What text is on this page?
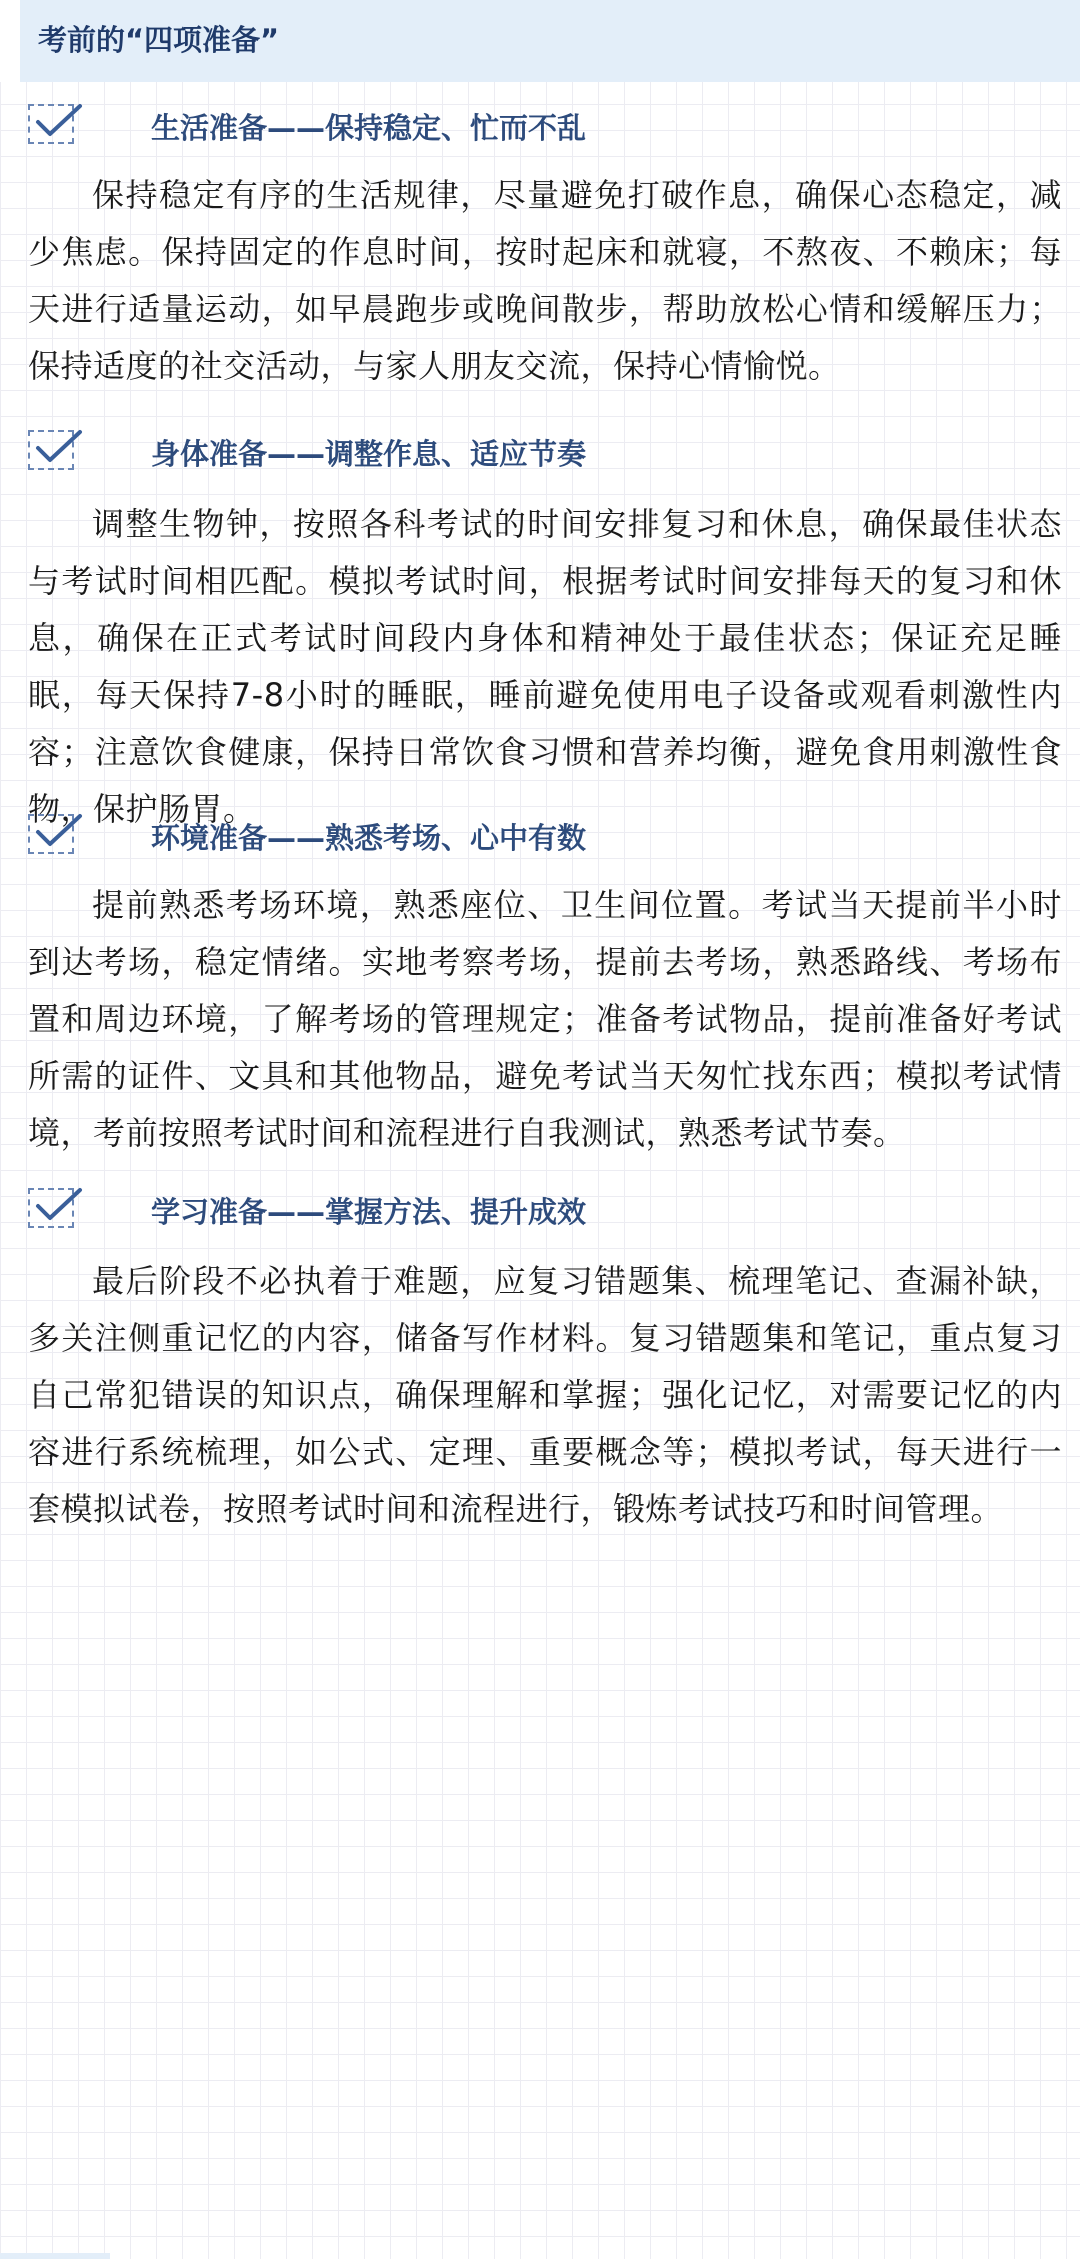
考前的“四项准备”
生活准备——保持稳定、忙而不乱

保持稳定有序的生活规律，尽量避免打破作息，确保心态稳定，减少焦虑。保持固定的作息时间，按时起床和就寝，不熬夜、不赖床；每天进行适量运动，如早晨跑步或晚间散步，帮助放松心情和缓解压力；保持适度的社交活动，与家人朋友交流，保持心情愉悦。

身体准备——调整作息、适应节奏

调整生物钟，按照各科考试的时间安排复习和休息，确保最佳状态与考试时间相匹配。模拟考试时间，根据考试时间安排每天的复习和休息，确保在正式考试时间段内身体和精神处于最佳状态；保证充足睡眠，每天保持7-8小时的睡眠，睡前避免使用电子设备或观看刺激性内容；注意饮食健康，保持日常饮食习惯和营养均衡，避免食用刺激性食物，保护肠胃。

环境准备——熟悉考场、心中有数

提前熟悉考场环境，熟悉座位、卫生间位置。考试当天提前半小时到达考场，稳定情绪。实地考察考场，提前去考场，熟悉路线、考场布置和周边环境，了解考场的管理规定；准备考试物品，提前准备好考试所需的证件、文具和其他物品，避免考试当天匆忙找东西；模拟考试情境，考前按照考试时间和流程进行自我测试，熟悉考试节奏。

学习准备——掌握方法、提升成效

最后阶段不必执着于难题，应复习错题集、梳理笔记、查漏补缺，多关注侧重记忆的内容，储备写作材料。复习错题集和笔记，重点复习自己常犯错误的知识点，确保理解和掌握；强化记忆，对需要记忆的内容进行系统梳理，如公式、定理、重要概念等；模拟考试，每天进行一套模拟试卷，按照考试时间和流程进行，锻炼考试技巧和时间管理。
